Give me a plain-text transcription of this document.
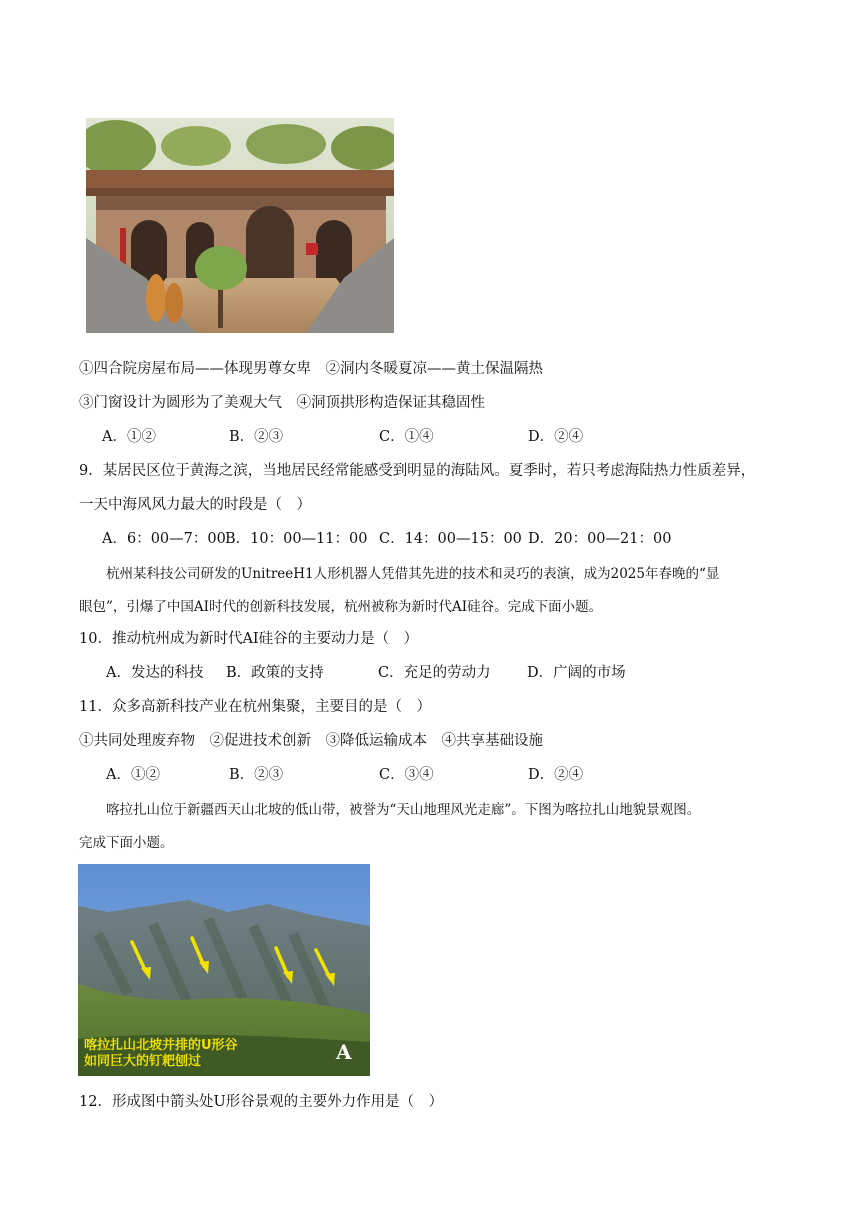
①四合院房屋布局——体现男尊女卑　②洞内冬暖夏凉——黄土保温隔热
③门窗设计为圆形为了美观大气　④洞顶拱形构造保证其稳固性
A．①②	B．②③	C．①④	D．②④
9．某居民区位于黄海之滨，当地居民经常能感受到明显的海陆风。夏季时，若只考虑海陆热力性质差异，
一天中海风风力最大的时段是（　）
A．6：00—7：00 B．10：00—11：00 C．14：00—15：00 D．20：00—21：00
杭州某科技公司研发的UnitreeH1人形机器人凭借其先进的技术和灵巧的表演，成为2025年春晚的“显
眼包”，引爆了中国AI时代的创新科技发展，杭州被称为新时代AI硅谷。完成下面小题。
10．推动杭州成为新时代AI硅谷的主要动力是（　）
A．发达的科技 B．政策的支持	C．充足的劳动力	D．广阔的市场
11．众多高新科技产业在杭州集聚，主要目的是（　）
①共同处理废弃物　②促进技术创新　③降低运输成本　④共享基础设施
A．①②	B．②③	C．③④	D．②④
喀拉扎山位于新疆西天山北坡的低山带，被誉为“天山地理风光走廊”。下图为喀拉扎山地貌景观图。
完成下面小题。
喀拉扎山北坡并排的U形谷
如同巨大的钉耙刨过	A
12．形成图中箭头处U形谷景观的主要外力作用是（　）
